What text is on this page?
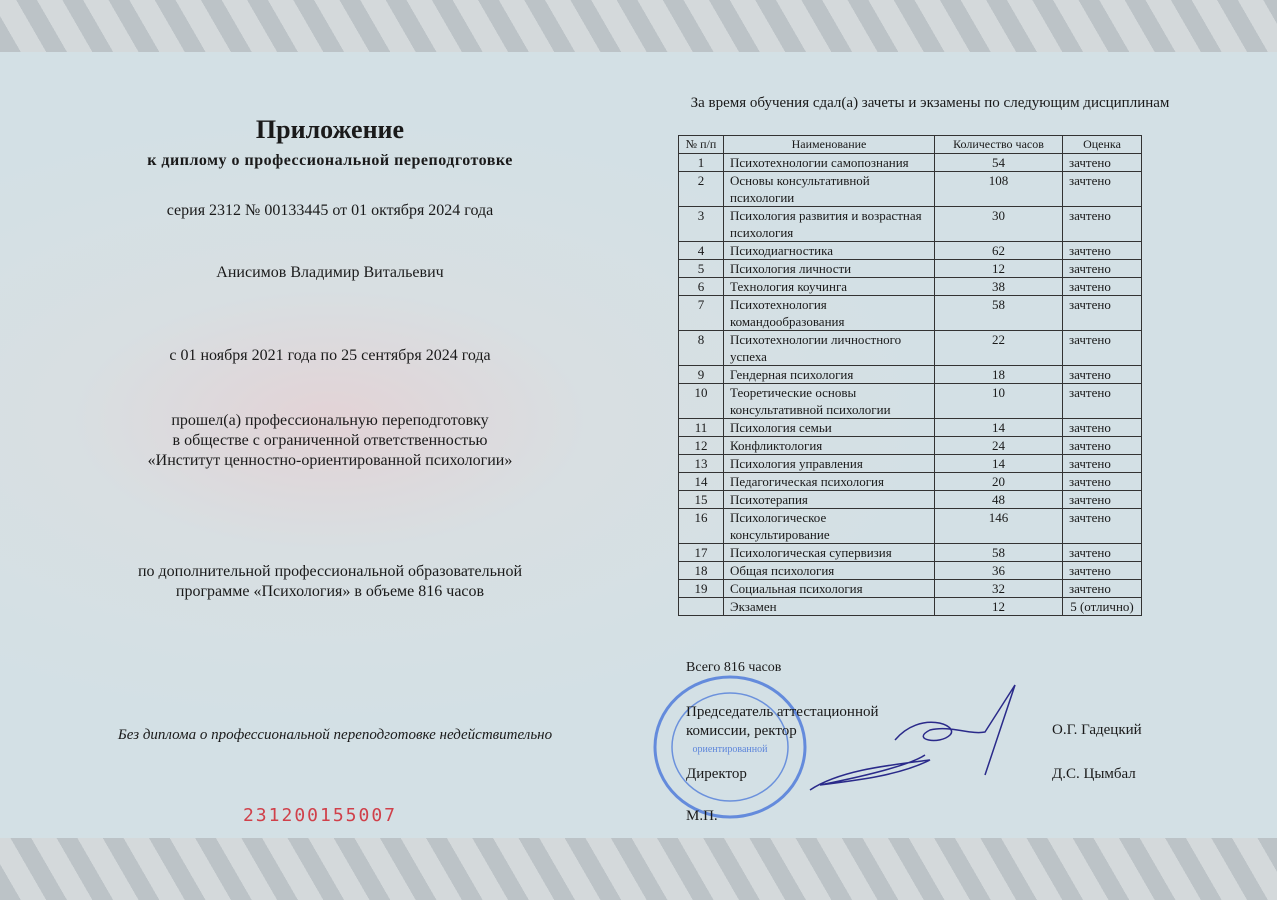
Приложение
к диплому о профессиональной переподготовке
серия 2312 № 00133445 от 01 октября 2024 года
Анисимов Владимир Витальевич
с 01 ноября 2021 года по 25 сентября 2024 года
прошел(а) профессиональную переподготовку
в обществе с ограниченной ответственностью
«Институт ценностно-ориентированной психологии»
по дополнительной профессиональной образовательной
программе «Психология» в объеме 816 часов
Без диплома о профессиональной переподготовке недействительно
231200155007
За время обучения сдал(а) зачеты и экзамены по следующим дисциплинам
№ п/п	Наименование	Количество часов	Оценка
1	Психотехнологии самопознания	54	зачтено
2	Основы консультативной психологии	108	зачтено
3	Психология развития и возрастная психология	30	зачтено
4	Психодиагностика	62	зачтено
5	Психология личности	12	зачтено
6	Технология коучинга	38	зачтено
7	Психотехнология командообразования	58	зачтено
8	Психотехнологии личностного успеха	22	зачтено
9	Гендерная психология	18	зачтено
10	Теоретические основы консультативной психологии	10	зачтено
11	Психология семьи	14	зачтено
12	Конфликтология	24	зачтено
13	Психология управления	14	зачтено
14	Педагогическая психология	20	зачтено
15	Психотерапия	48	зачтено
16	Психологическое консультирование	146	зачтено
17	Психологическая супервизия	58	зачтено
18	Общая психология	36	зачтено
19	Социальная психология	32	зачтено
	Экзамен	12	5 (отлично)
Всего 816 часов
ориентированной
Председатель аттестационной
комиссии, ректор	О.Г. Гадецкий
Директор	Д.С. Цымбал
М.П.
